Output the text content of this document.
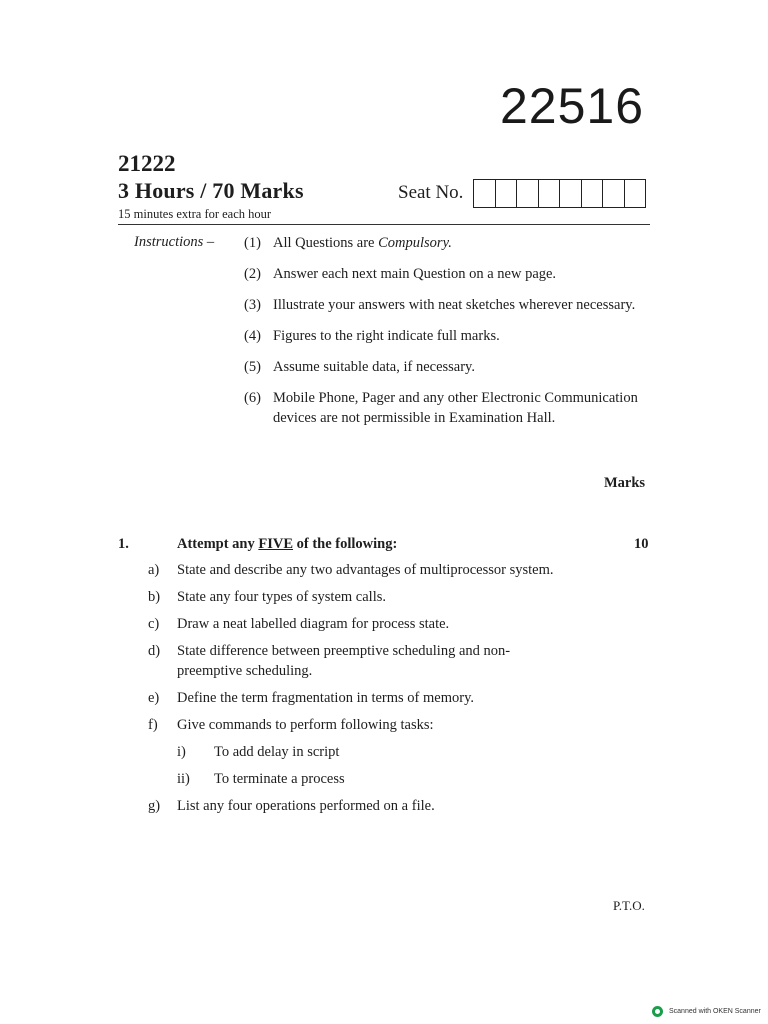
22516
21222
3 Hours / 70 Marks
15 minutes extra for each hour
Seat No.
Instructions – (1) All Questions are Compulsory.
(2) Answer each next main Question on a new page.
(3) Illustrate your answers with neat sketches wherever necessary.
(4) Figures to the right indicate full marks.
(5) Assume suitable data, if necessary.
(6) Mobile Phone, Pager and any other Electronic Communication devices are not permissible in Examination Hall.
Marks
1.	Attempt any FIVE of the following:	10
a)	State and describe any two advantages of multiprocessor system.
b)	State any four types of system calls.
c)	Draw a neat labelled diagram for process state.
d)	State difference between preemptive scheduling and non-preemptive scheduling.
e)	Define the term fragmentation in terms of memory.
f)	Give commands to perform following tasks:
i)	To add delay in script
ii)	To terminate a process
g)	List any four operations performed on a file.
P.T.O.
Scanned with OKEN Scanner
